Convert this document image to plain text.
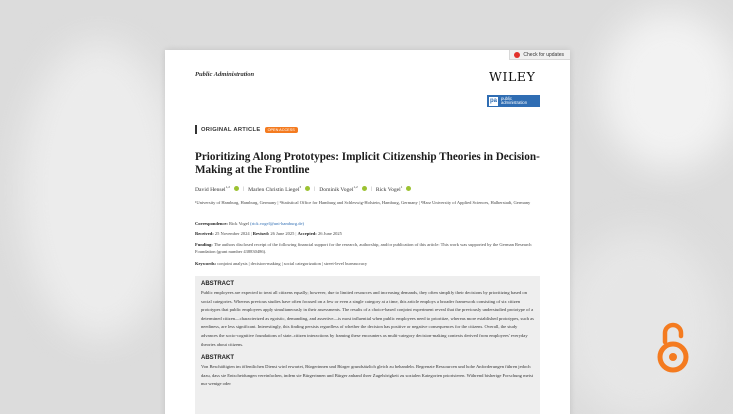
Check for updates
Public Administration	WILEY
pa public
administration
ORIGINAL ARTICLE	OPEN ACCESS
Prioritizing Along Prototypes: Implicit Citizenship Theories in Decision-Making at the Frontline
David Hensel$^{1,2}$ | Marlen Christin Liegel$^3$ | Dominik Vogel$^{1,2}$ | Rick Vogel$^1$
¹University of Hamburg, Hamburg, Germany | ²Statistical Office for Hamburg and Schleswig-Holstein, Hamburg, Germany | ³Harz University of Applied Sciences, Halberstadt, Germany
Correspondence: Rick Vogel (rick.vogel@uni-hamburg.de)
Received: 25 November 2024 | Revised: 26 June 2025 | Accepted: 26 June 2025
Funding: The authors disclosed receipt of the following financial support for the research, authorship, and/or publication of this article: This work was supported by the German Research Foundation (grant number 438830486).
Keywords: conjoint analysis | decision-making | social categorization | street-level bureaucracy
ABSTRACT
Public employees are expected to treat all citizens equally; however, due to limited resources and increasing demands, they often simplify their decisions by prioritizing based on social categories. Whereas previous studies have often focused on a few or even a single category at a time, this article employs a broader framework consisting of six citizen prototypes that public employees apply simultaneously in their assessments. The results of a choice-based conjoint experiment reveal that the previously understudied prototype of a determined citizen—characterized as egoistic, demanding, and assertive—is most influential when public employees need to prioritize, whereas more established prototypes, such as neediness, are less significant. Interestingly, this finding persists regardless of whether the decision has positive or negative consequences for the citizens. Overall, the study advances the socio-cognitive foundations of state–citizen interactions by framing these encounters as multi-category decision-making contexts derived from employees' everyday theories about citizens.
ABSTRAKT
Von Beschäftigten im öffentlichen Dienst wird erwartet, Bürgerinnen und Bürger grundsätzlich gleich zu behandeln. Begrenzte Ressourcen und hohe Anforderungen führen jedoch dazu, dass sie Entscheidungen vereinfachen, indem sie Bürgerinnen und Bürger anhand ihrer Zugehörigkeit zu sozialen Kategorien priorisieren. Während bisherige Forschung meist nur wenige oder
